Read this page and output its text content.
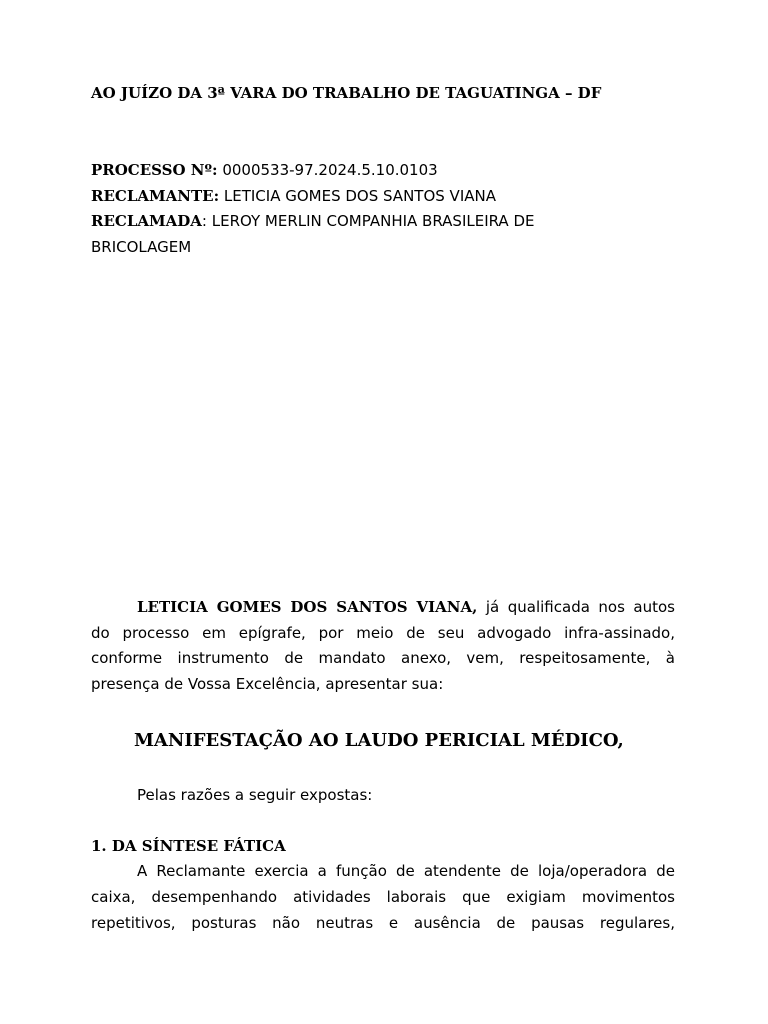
AO JUÍZO DA 3ª VARA DO TRABALHO DE TAGUATINGA – DF
PROCESSO Nº: 0000533-97.2024.5.10.0103
RECLAMANTE: LETICIA GOMES DOS SANTOS VIANA
RECLAMADA: LEROY MERLIN COMPANHIA BRASILEIRA DE
BRICOLAGEM
LETICIA GOMES DOS SANTOS VIANA, já qualificada nos autos
do processo em epígrafe, por meio de seu advogado infra-assinado,
conforme instrumento de mandato anexo, vem, respeitosamente, à
presença de Vossa Excelência, apresentar sua:
MANIFESTAÇÃO AO LAUDO PERICIAL MÉDICO,
Pelas razões a seguir expostas:
1. DA SÍNTESE FÁTICA
A Reclamante exercia a função de atendente de loja/operadora de
caixa, desempenhando atividades laborais que exigiam movimentos
repetitivos, posturas não neutras e ausência de pausas regulares,
